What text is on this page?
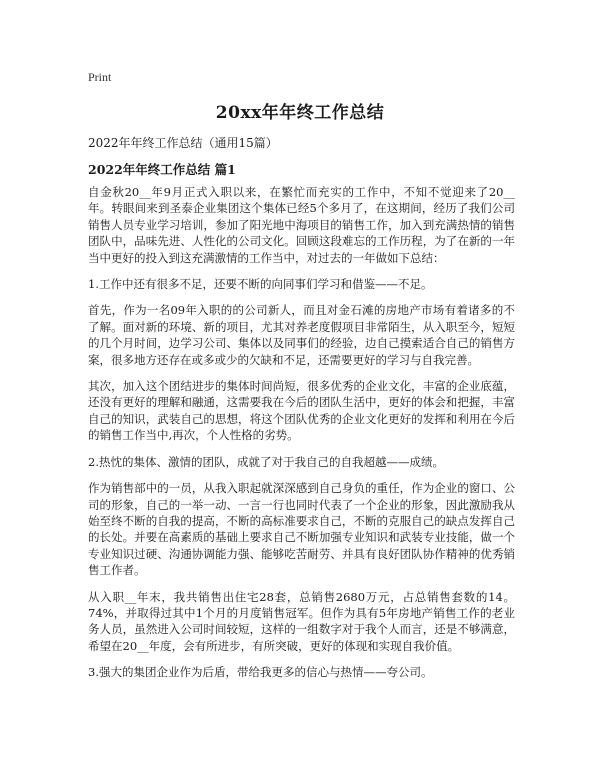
Print
20xx年年终工作总结
2022年年终工作总结（通用15篇）
2022年年终工作总结 篇1

自金秋20__年9月正式入职以来，在繁忙而充实的工作中，不知不觉迎来了20__年。转眼间来到圣泰企业集团这个集体已经5个多月了，在这期间，经历了我们公司销售人员专业学习培训，参加了阳光地中海项目的销售工作，加入到充满热情的销售团队中，品味先进、人性化的公司文化。回顾这段难忘的工作历程，为了在新的一年当中更好的投入到这充满激情的工作当中，对过去的一年做如下总结：

1.工作中还有很多不足，还要不断的向同事们学习和借鉴——不足。

首先，作为一名09年入职的的公司新人，而且对金石滩的房地产市场有着诸多的不了解。面对新的环境、新的项目，尤其对养老度假项目非常陌生，从入职至今，短短的几个月时间，边学习公司、集体以及同事们的经验，边自己摸索适合自己的销售方案，很多地方还存在或多或少的欠缺和不足，还需要更好的学习与自我完善。

其次，加入这个团结进步的集体时间尚短，很多优秀的企业文化，丰富的企业底蕴，还没有更好的理解和融通，这需要我在今后的团队生活中，更好的体会和把握，丰富自己的知识，武装自己的思想，将这个团队优秀的企业文化更好的发挥和利用在今后的销售工作当中,再次，个人性格的劣势。

2.热忱的集体、激情的团队，成就了对于我自己的自我超越——成绩。

作为销售部中的一员，从我入职起就深深感到自己身负的重任，作为企业的窗口、公司的形象，自己的一举一动、一言一行也同时代表了一个企业的形象，因此激励我从始至终不断的自我的提高，不断的高标准要求自己，不断的克服自己的缺点发挥自己的长处。并要在高素质的基础上要求自己不断加强专业知识和武装专业技能，做一个专业知识过硬、沟通协调能力强、能够吃苦耐劳、并具有良好团队协作精神的优秀销售工作者。

从入职__年末，我共销售出住宅28套，总销售2680万元，占总销售套数的14。74%，并取得过其中1个月的月度销售冠军。但作为具有5年房地产销售工作的老业务人员，虽然进入公司时间较短，这样的一组数字对于我个人而言，还是不够满意，希望在20__年度，会有所进步，有所突破，更好的体现和实现自我价值。

3.强大的集团企业作为后盾，带给我更多的信心与热情——夸公司。
